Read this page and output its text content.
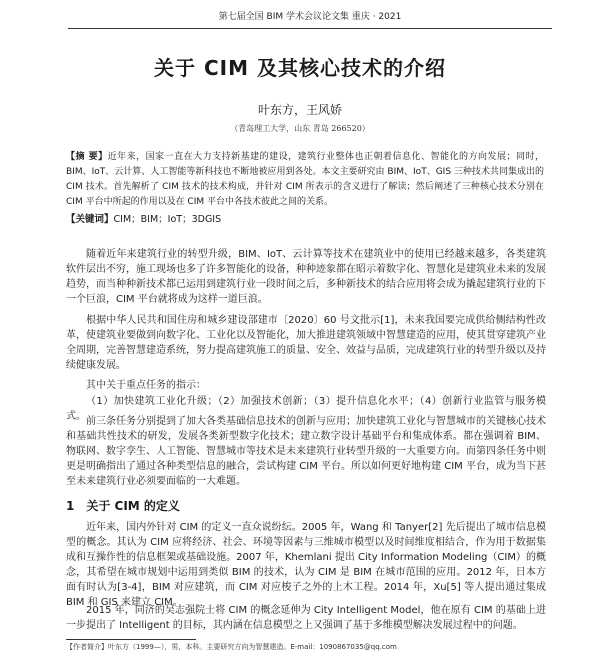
第七届全国 BIM 学术会议论文集 重庆 · 2021
关于 CIM 及其核心技术的介绍
叶东方，王风娇
（青岛理工大学，山东 青岛 266520）
【摘 要】近年来，国家一直在大力支持新基建的建设，建筑行业整体也正朝着信息化、智能化的方向发展；同时，BIM、IoT、云计算、人工智能等新科技也不断地被应用到各处。本文主要研究由 BIM、IoT、GIS 三种技术共同集成出的 CIM 技术。首先解析了 CIM 技术的技术构成，并针对 CIM 所表示的含义进行了解读；然后阐述了三种核心技术分别在 CIM 平台中所起的作用以及在 CIM 平台中各技术彼此之间的关系。
【关键词】CIM；BIM；IoT；3DGIS
随着近年来建筑行业的转型升级，BIM、IoT、云计算等技术在建筑业中的使用已经越来越多，各类建筑软件层出不穷，施工现场也多了许多智能化的设备，种种迹象都在昭示着数字化、智慧化是建筑业未来的发展趋势，而当种种新技术都已运用到建筑行业一段时间之后，多种新技术的结合应用将会成为撬起建筑行业的下一个巨浪，CIM 平台就将成为这样一道巨浪。
根据中华人民共和国住房和城乡建设部建市〔2020〕60 号文批示[1]，未来我国要完成供给侧结构性改革，使建筑业要做到向数字化、工业化以及智能化，加大推进建筑领域中智慧建造的应用，使其贯穿建筑产业全周期，完善智慧建造系统，努力提高建筑施工的质量、安全、效益与品质，完成建筑行业的转型升级以及持续健康发展。
其中关于重点任务的指示：
（1）加快建筑工业化升级；（2）加强技术创新；（3）提升信息化水平；（4）创新行业监管与服务模式。 前三条任务分别提到了加大各类基础信息技术的创新与应用；加快建筑工业化与智慧城市的关键核心技术和基础共性技术的研发，发展各类新型数字化技术；建立数字设计基础平台和集成体系。都在强调着 BIM、物联网、数字孪生、人工智能、智慧城市等技术是未来建筑行业转型升级的一大重要方向。而第四条任务中则更是明确指出了通过各种类型信息的融合，尝试构建 CIM 平台。所以如何更好地构建 CIM 平台，成为当下甚至未来建筑行业必须要面临的一大难题。
1 关于 CIM 的定义
近年来，国内外针对 CIM 的定义一直众说纷纭。2005 年，Wang 和 Tanyer[2] 先后提出了城市信息模型的概念。其认为 CIM 应将经济、社会、环境等因素与三维城市模型以及时间维度相结合，作为用于数据集成和互操作性的信息框架或基础设施。2007 年，Khemlani 提出 City Information Modeling（CIM）的概念，其希望在城市规划中运用到类似 BIM 的技术，认为 CIM 是 BIM 在城市范围的应用。2012 年，日本方面有时认为[3-4]，BIM 对应建筑，而 CIM 对应梭子之外的上木工程。2014 年，Xu[5] 等人提出通过集成 BIM 和 GIS 来建立 CIM。
2015 年，同济的吴志强院士将 CIM 的概念延伸为 City Intelligent Model，他在原有 CIM 的基础上进一步提出了 Intelligent 的目标，其内涵在信息模型之上又强调了基于多维模型解决发展过程中的问题。
【作者简介】叶东方（1999—），男，本科。主要研究方向为智慧建造。E-mail：1090867035@qq.com
